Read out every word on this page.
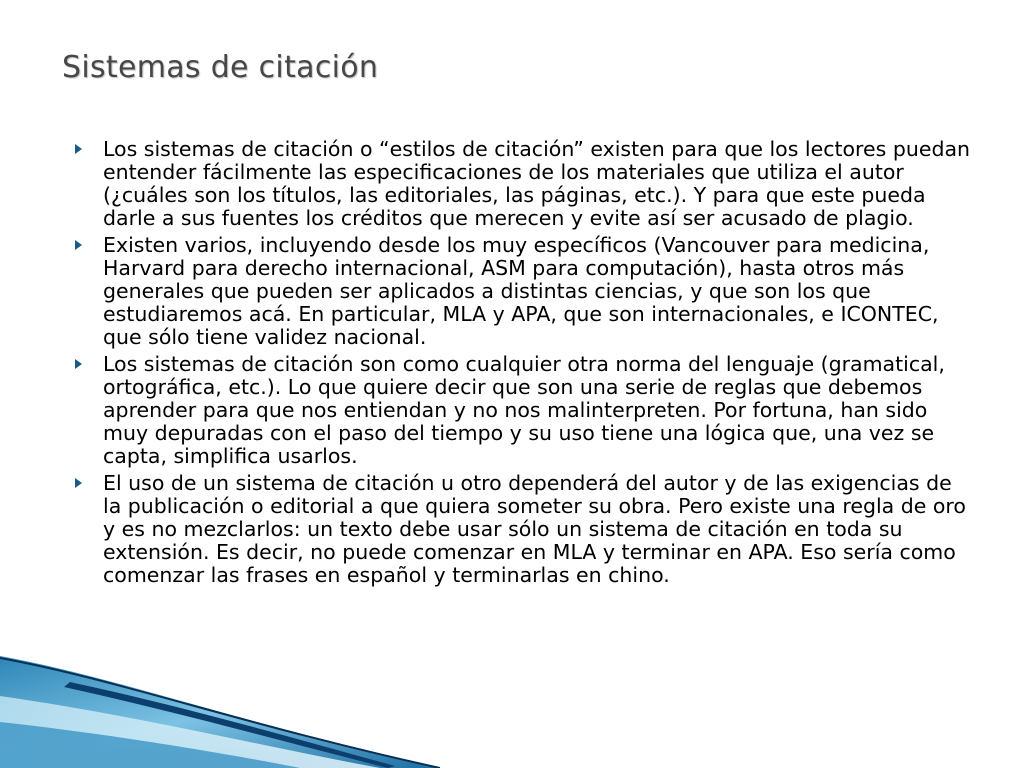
Sistemas de citación
Los sistemas de citación o “estilos de citación” existen para que los lectores puedan entender fácilmente las especificaciones de los materiales que utiliza el autor (¿cuáles son los títulos, las editoriales, las páginas, etc.). Y para que este pueda darle a sus fuentes los créditos que merecen y evite así ser acusado de plagio.
Existen varios, incluyendo desde los muy específicos (Vancouver para medicina, Harvard para derecho internacional, ASM para computación), hasta otros más generales que pueden ser aplicados a distintas ciencias, y que son los que estudiaremos acá. En particular, MLA y APA, que son internacionales, e ICONTEC, que sólo tiene validez nacional.
Los sistemas de citación son como cualquier otra norma del lenguaje (gramatical, ortográfica, etc.). Lo que quiere decir que son una serie de reglas que debemos aprender para que nos entiendan y no nos malinterpreten. Por fortuna, han sido muy depuradas con el paso del tiempo y su uso tiene una lógica que, una vez se capta, simplifica usarlos.
El uso de un sistema de citación u otro dependerá del autor y de las exigencias de la publicación o editorial a que quiera someter su obra. Pero existe una regla de oro y es no mezclarlos: un texto debe usar sólo un sistema de citación en toda su extensión. Es decir, no puede comenzar en MLA y terminar en APA. Eso sería como comenzar las frases en español y terminarlas en chino.
